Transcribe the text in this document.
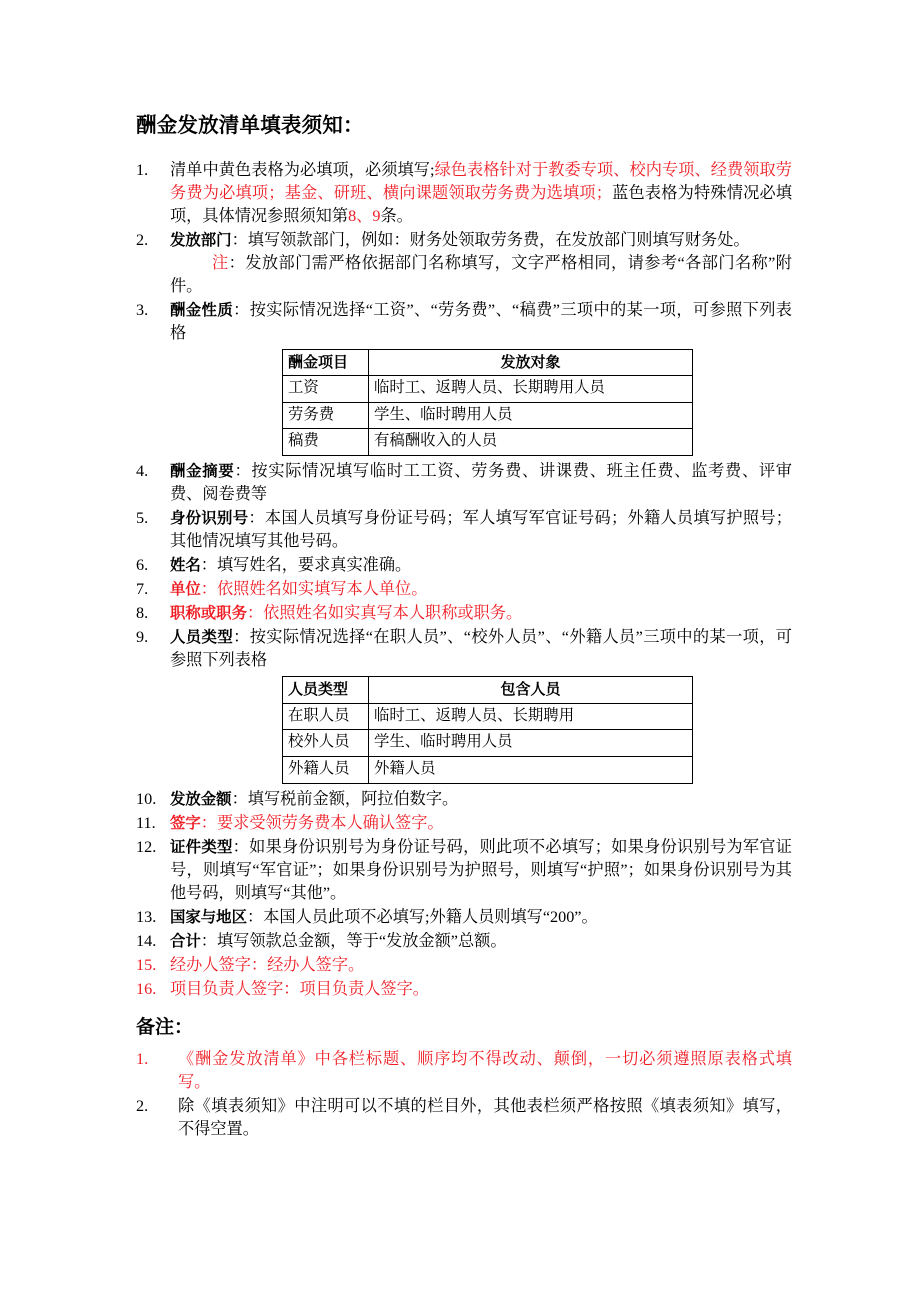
酬金发放清单填表须知：
1.	清单中黄色表格为必填项，必须填写;绿色表格针对于教委专项、校内专项、经费领取劳务费为必填项；基金、研班、横向课题领取劳务费为选填项；蓝色表格为特殊情况必填项，具体情况参照须知第8、9条。
2.	发放部门：填写领款部门，例如：财务处领取劳务费，在发放部门则填写财务处。
注：发放部门需严格依据部门名称填写，文字严格相同，请参考“各部门名称”附件。
3.	酬金性质：按实际情况选择“工资”、“劳务费”、“稿费”三项中的某一项，可参照下列表格
酬金项目	发放对象
工资	临时工、返聘人员、长期聘用人员
劳务费	学生、临时聘用人员
稿费	有稿酬收入的人员
4.	酬金摘要：按实际情况填写临时工工资、劳务费、讲课费、班主任费、监考费、评审费、阅卷费等
5.	身份识别号：本国人员填写身份证号码；军人填写军官证号码；外籍人员填写护照号；其他情况填写其他号码。
6.	姓名：填写姓名，要求真实准确。
7.	单位：依照姓名如实填写本人单位。
8.	职称或职务：依照姓名如实真写本人职称或职务。
9.	人员类型：按实际情况选择“在职人员”、“校外人员”、“外籍人员”三项中的某一项，可参照下列表格
人员类型	包含人员
在职人员	临时工、返聘人员、长期聘用
校外人员	学生、临时聘用人员
外籍人员	外籍人员
10. 发放金额：填写税前金额，阿拉伯数字。
11. 签字：要求受领劳务费本人确认签字。
12. 证件类型：如果身份识别号为身份证号码，则此项不必填写；如果身份识别号为军官证号，则填写“军官证”；如果身份识别号为护照号，则填写“护照”；如果身份识别号为其他号码，则填写“其他”。
13. 国家与地区：本国人员此项不必填写;外籍人员则填写“200”。
14. 合计：填写领款总金额，等于“发放金额”总额。
15. 经办人签字：经办人签字。
16. 项目负责人签字：项目负责人签字。
备注：
1.	《酬金发放清单》中各栏标题、顺序均不得改动、颠倒，一切必须遵照原表格式填写。
2.	除《填表须知》中注明可以不填的栏目外，其他表栏须严格按照《填表须知》填写，不得空置。
